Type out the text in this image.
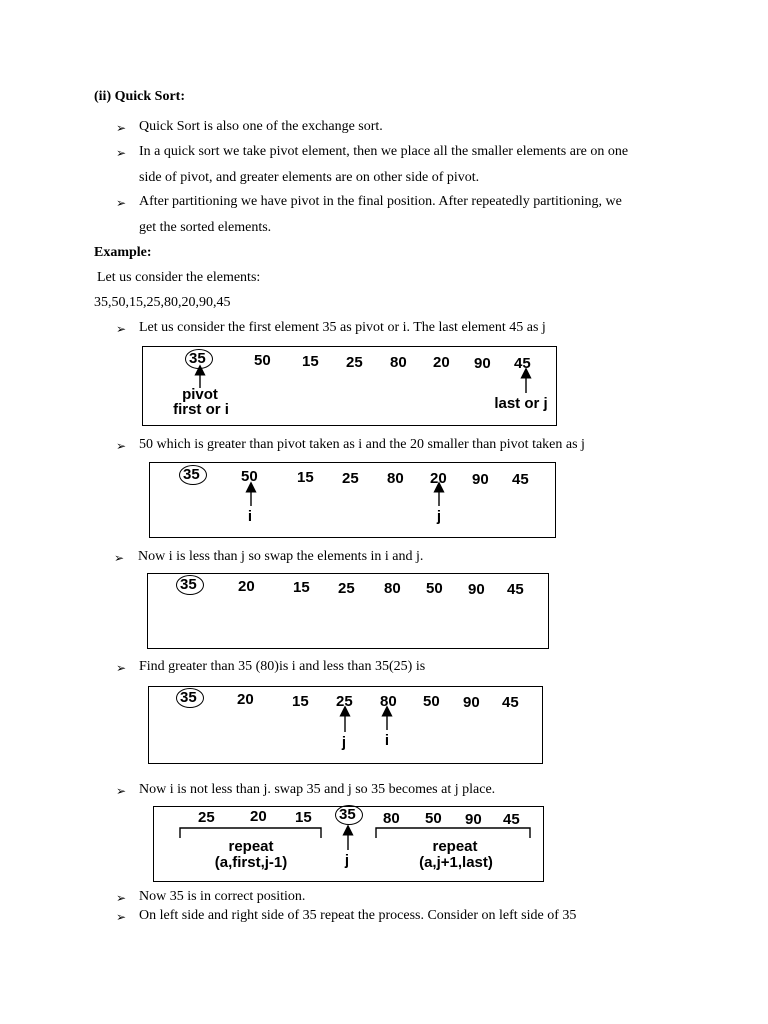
(ii) Quick Sort:
➢ Quick Sort is also one of the exchange sort.
➢ In a quick sort we take pivot element, then we place all the smaller elements are on one
side of pivot, and greater elements are on other side of pivot.
➢ After partitioning we have pivot in the final position. After repeatedly partitioning, we
get the sorted elements.
Example:
Let us consider the elements:
35,50,15,25,80,20,90,45
➢ Let us consider the first element 35 as pivot or i. The last element 45 as j
35	50 15 25 80 20 90 45
pivot
first or i	last or j
➢ 50 which is greater than pivot taken as i and the 20 smaller than pivot taken as j
35	50	15 25 80 20 90 45
i	j
➢ Now i is less than j so swap the elements in i and j.
35	20	15 25 80 50 90 45
➢ Find greater than 35 (80)is i and less than 35(25) is
35	20	15 25 80 50 90 45
j	i
➢ Now i is not less than j. swap 35 and j so 35 becomes at j place.
25 20 15 35 80 50 90 45
repeat
(a,first,j-1)	j
repeat
(a,j+1,last)
➢ Now 35 is in correct position.
➢ On left side and right side of 35 repeat the process. Consider on left side of 35
